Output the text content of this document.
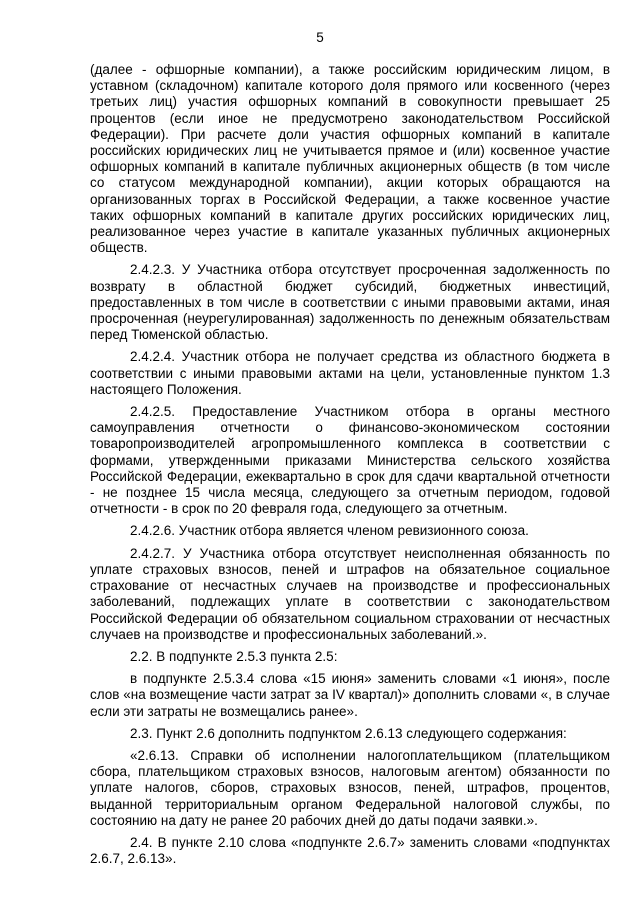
5

(далее - офшорные компании), а также российским юридическим лицом, в уставном (складочном) капитале которого доля прямого или косвенного (через третьих лиц) участия офшорных компаний в совокупности превышает 25 процентов (если иное не предусмотрено законодательством Российской Федерации). При расчете доли участия офшорных компаний в капитале российских юридических лиц не учитывается прямое и (или) косвенное участие офшорных компаний в капитале публичных акционерных обществ (в том числе со статусом международной компании), акции которых обращаются на организованных торгах в Российской Федерации, а также косвенное участие таких офшорных компаний в капитале других российских юридических лиц, реализованное через участие в капитале указанных публичных акционерных обществ.

2.4.2.3. У Участника отбора отсутствует просроченная задолженность по возврату в областной бюджет субсидий, бюджетных инвестиций, предоставленных в том числе в соответствии с иными правовыми актами, иная просроченная (неурегулированная) задолженность по денежным обязательствам перед Тюменской областью.

2.4.2.4. Участник отбора не получает средства из областного бюджета в соответствии с иными правовыми актами на цели, установленные пунктом 1.3 настоящего Положения.

2.4.2.5. Предоставление Участником отбора в органы местного самоуправления отчетности о финансово-экономическом состоянии товаропроизводителей агропромышленного комплекса в соответствии с формами, утвержденными приказами Министерства сельского хозяйства Российской Федерации, ежеквартально в срок для сдачи квартальной отчетности - не позднее 15 числа месяца, следующего за отчетным периодом, годовой отчетности - в срок по 20 февраля года, следующего за отчетным.

2.4.2.6. Участник отбора является членом ревизионного союза.

2.4.2.7. У Участника отбора отсутствует неисполненная обязанность по уплате страховых взносов, пеней и штрафов на обязательное социальное страхование от несчастных случаев на производстве и профессиональных заболеваний, подлежащих уплате в соответствии с законодательством Российской Федерации об обязательном социальном страховании от несчастных случаев на производстве и профессиональных заболеваний.».

2.2. В подпункте 2.5.3 пункта 2.5:

в подпункте 2.5.3.4 слова «15 июня» заменить словами «1 июня», после слов «на возмещение части затрат за IV квартал)» дополнить словами «, в случае если эти затраты не возмещались ранее».

2.3. Пункт 2.6 дополнить подпунктом 2.6.13 следующего содержания:

«2.6.13. Справки об исполнении налогоплательщиком (плательщиком сбора, плательщиком страховых взносов, налоговым агентом) обязанности по уплате налогов, сборов, страховых взносов, пеней, штрафов, процентов, выданной территориальным органом Федеральной налоговой службы, по состоянию на дату не ранее 20 рабочих дней до даты подачи заявки.».

2.4. В пункте 2.10 слова «подпункте 2.6.7» заменить словами «подпунктах 2.6.7, 2.6.13».
